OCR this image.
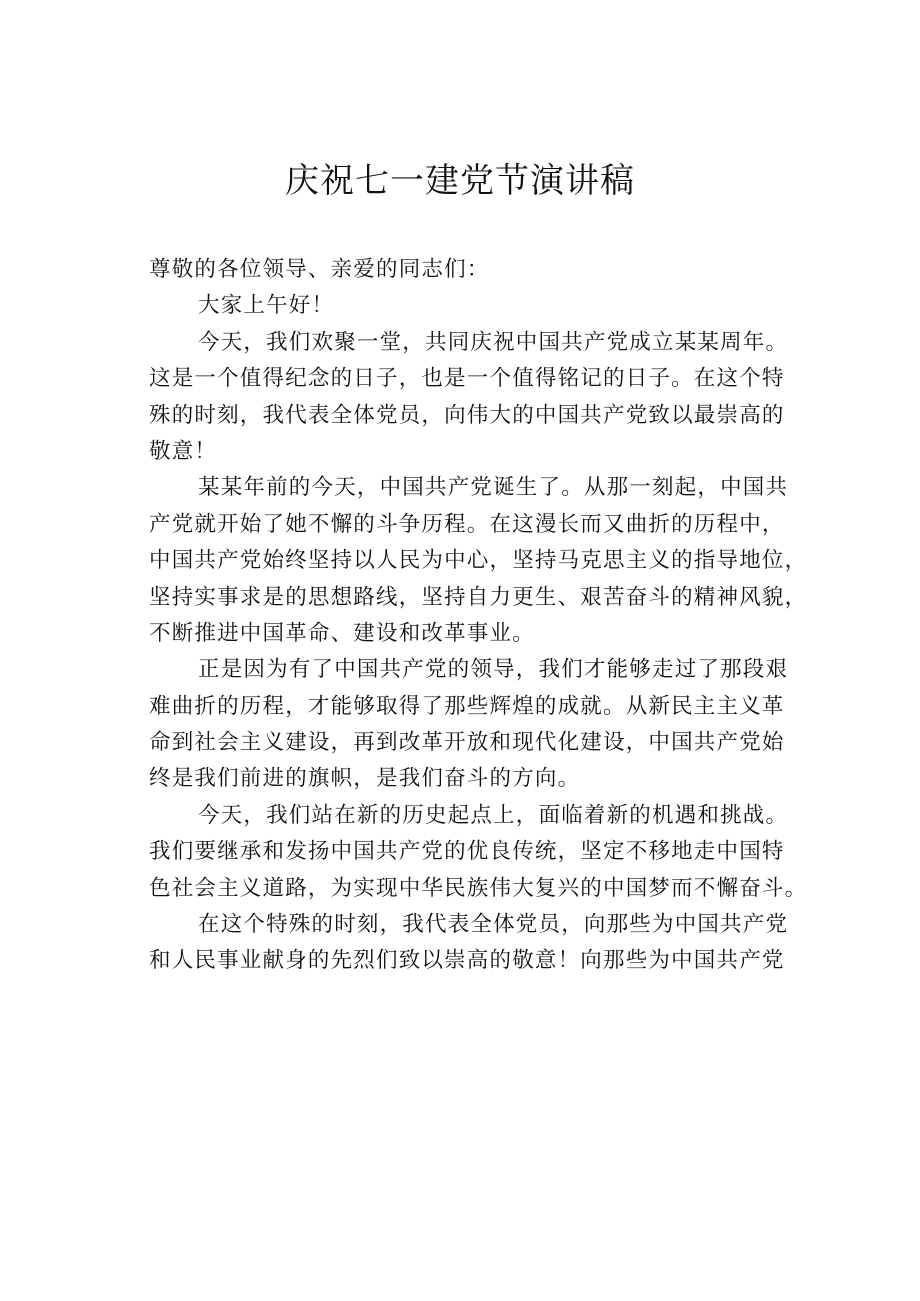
庆祝七一建党节演讲稿
尊敬的各位领导、亲爱的同志们：
大家上午好！
今天，我们欢聚一堂，共同庆祝中国共产党成立某某周年。
这是一个值得纪念的日子，也是一个值得铭记的日子。在这个特
殊的时刻，我代表全体党员，向伟大的中国共产党致以最崇高的
敬意！
某某年前的今天，中国共产党诞生了。从那一刻起，中国共
产党就开始了她不懈的斗争历程。在这漫长而又曲折的历程中，
中国共产党始终坚持以人民为中心，坚持马克思主义的指导地位，
坚持实事求是的思想路线，坚持自力更生、艰苦奋斗的精神风貌，
不断推进中国革命、建设和改革事业。
正是因为有了中国共产党的领导，我们才能够走过了那段艰
难曲折的历程，才能够取得了那些辉煌的成就。从新民主主义革
命到社会主义建设，再到改革开放和现代化建设，中国共产党始
终是我们前进的旗帜，是我们奋斗的方向。
今天，我们站在新的历史起点上，面临着新的机遇和挑战。
我们要继承和发扬中国共产党的优良传统，坚定不移地走中国特
色社会主义道路，为实现中华民族伟大复兴的中国梦而不懈奋斗。
在这个特殊的时刻，我代表全体党员，向那些为中国共产党
和人民事业献身的先烈们致以崇高的敬意！向那些为中国共产党
